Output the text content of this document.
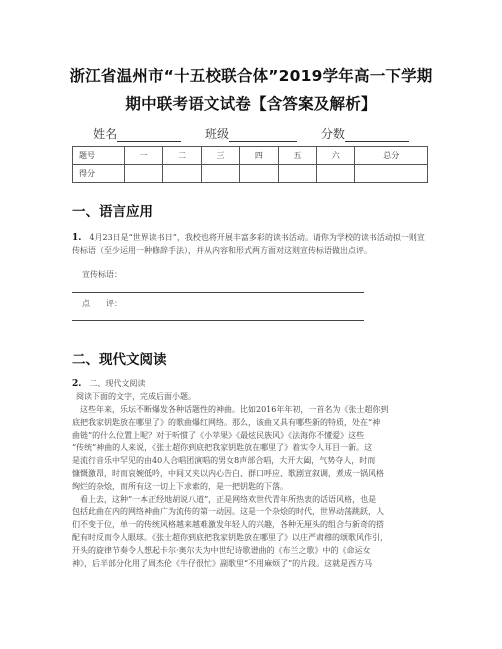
浙江省温州市“十五校联合体”2019学年高一下学期
期中联考语文试卷【含答案及解析】
姓名	班级	分数
题号	一	二	三	四	五	六	总分
得分							
一、语言应用
1. 4月23日是“世界读书日”，我校也将开展丰富多彩的读书活动。请你为学校的读书活动拟一则宣传标语（至少运用一种修辞手法），并从内容和形式两方面对这则宣传标语做出点评。
宣传标语：
点　　评：
二、现代文阅读
2. 二、现代文阅读
阅读下面的文字，完成后面小题。
　这些年来，乐坛不断爆发各种话题性的神曲。比如2016年年初，一首名为《张士超你到
底把我家钥匙放在哪里了》的歌曲爆红网络。那么，该曲又具有哪些新的特质，处在“神
曲链”的什么位置上呢？对于听惯了《小苹果》《最炫民族风》《法海你不懂爱》这些
“传统”神曲的人来说，《张士超你到底把我家钥匙放在哪里了》着实令人耳目一新。这
是流行音乐中罕见的由40人合唱团演唱的男女8声部合唱，大开大阖，气势夺人，时而
慷慨激昂，时而哀婉低吟，中间又夹以内心告白、群口呼应、歌剧宣叙调，煮成一锅风格
绚烂的杂烩，而所有这一切上下求索的，是一把钥匙的下落。
　看上去，这种“一本正经地胡说八道”，正是网络欢世代青年所热衷的话语风格，也是
包括此曲在内的网络神曲广为流传的第一动因。这是一个杂烩的时代，世界动荡跳跃，人
们不变于位，单一的传统风格越来越难激发年轻人的兴趣，各种无厘头的组合与新奇的搭
配有时反而令人眼球。《张士超你到底把我家钥匙放在哪里了》以庄严肃穆的颂歌风作引，
开头的旋律节奏令人想起卡尔·奥尔夫为中世纪诗歌谱曲的《布兰之歌》中的《命运女
神》，后半部分化用了周杰伦《牛仔很忙》副歌里“不用麻烦了”的片段。这就是西方马
